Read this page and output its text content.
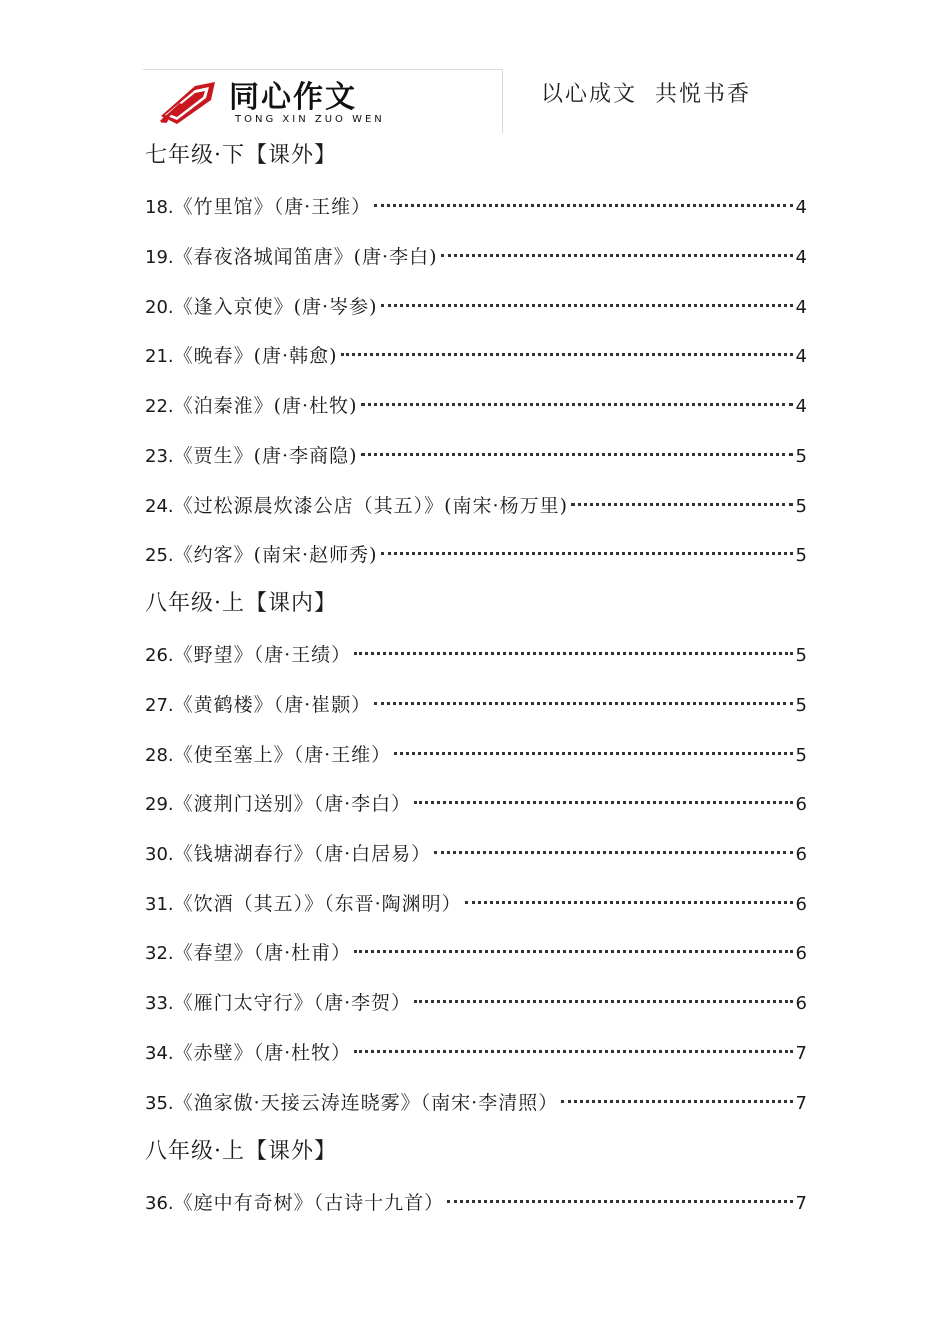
同心作文
TONG XIN ZUO WEN
以心成文  共悦书香
七年级·下【课外】
18. 《竹里馆》（唐·王维）	4
19. 《春夜洛城闻笛唐》(唐·李白)	4
20. 《逢入京使》(唐·岑参)	4
21. 《晚春》(唐·韩愈)	4
22. 《泊秦淮》(唐·杜牧)	4
23. 《贾生》(唐·李商隐)	5
24. 《过松源晨炊漆公店（其五）》(南宋·杨万里)	5
25. 《约客》(南宋·赵师秀)	5
八年级·上【课内】
26. 《野望》（唐·王绩）	5
27. 《黄鹤楼》（唐·崔颢）	5
28. 《使至塞上》（唐·王维）	5
29. 《渡荆门送别》（唐·李白）	6
30. 《钱塘湖春行》（唐·白居易）	6
31. 《饮酒（其五）》（东晋·陶渊明）	6
32. 《春望》（唐·杜甫）	6
33. 《雁门太守行》（唐·李贺）	6
34. 《赤壁》（唐·杜牧）	7
35. 《渔家傲·天接云涛连晓雾》（南宋·李清照）	7
八年级·上【课外】
36. 《庭中有奇树》（古诗十九首）	7
